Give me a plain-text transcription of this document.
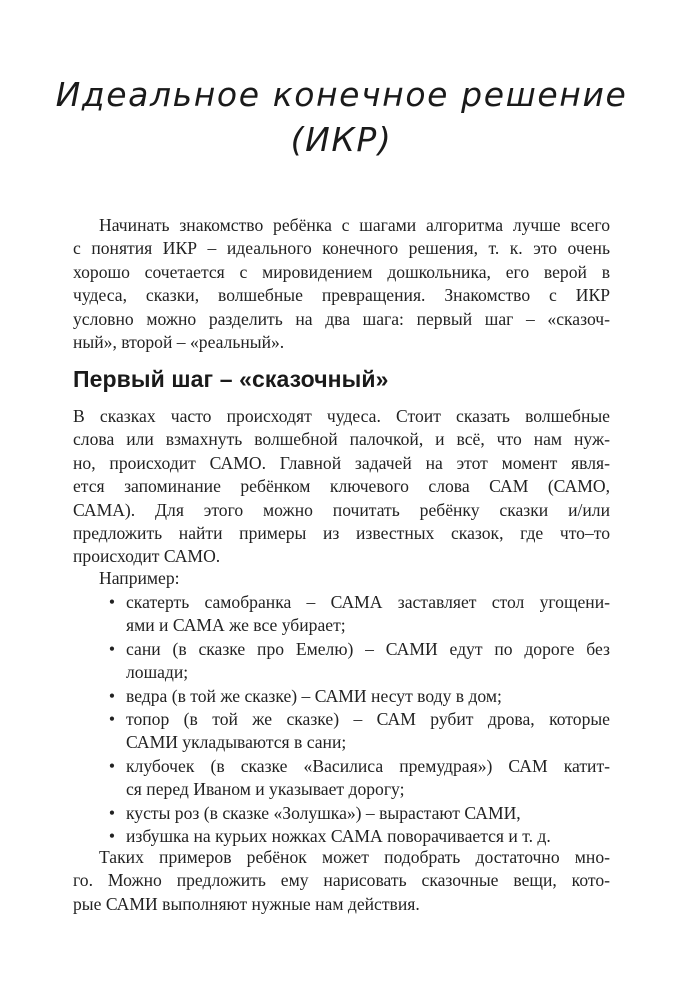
Идеальное конечное решение
(ИКР)
Начинать знакомство ребёнка с шагами алгоритма лучше всего
с понятия ИКР – идеального конечного решения, т. к. это очень
хорошо сочетается с мировидением дошкольника, его верой в
чудеса, сказки, волшебные превращения. Знакомство с ИКР
условно можно разделить на два шага: первый шаг – «сказоч-
ный», второй – «реальный».
Первый шаг – «сказочный»
В сказках часто происходят чудеса. Стоит сказать волшебные
слова или взмахнуть волшебной палочкой, и всё, что нам нуж-
но, происходит САМО. Главной задачей на этот момент явля-
ется запоминание ребёнком ключевого слова САМ (САМО,
САМА). Для этого можно почитать ребёнку сказки и/или
предложить найти примеры из известных сказок, где что–то
происходит САМО.
Например:
• скатерть самобранка – САМА заставляет стол угощени-
ями и САМА же все убирает;
• сани (в сказке про Емелю) – САМИ едут по дороге без
лошади;
• ведра (в той же сказке) – САМИ несут воду в дом;
• топор (в той же сказке) – САМ рубит дрова, которые
САМИ укладываются в сани;
• клубочек (в сказке «Василиса премудрая») САМ катит-
ся перед Иваном и указывает дорогу;
• кусты роз (в сказке «Золушка») – вырастают САМИ,
• избушка на курьих ножках САМА поворачивается и т. д.
Таких примеров ребёнок может подобрать достаточно мно-
го. Можно предложить ему нарисовать сказочные вещи, кото-
рые САМИ выполняют нужные нам действия.
